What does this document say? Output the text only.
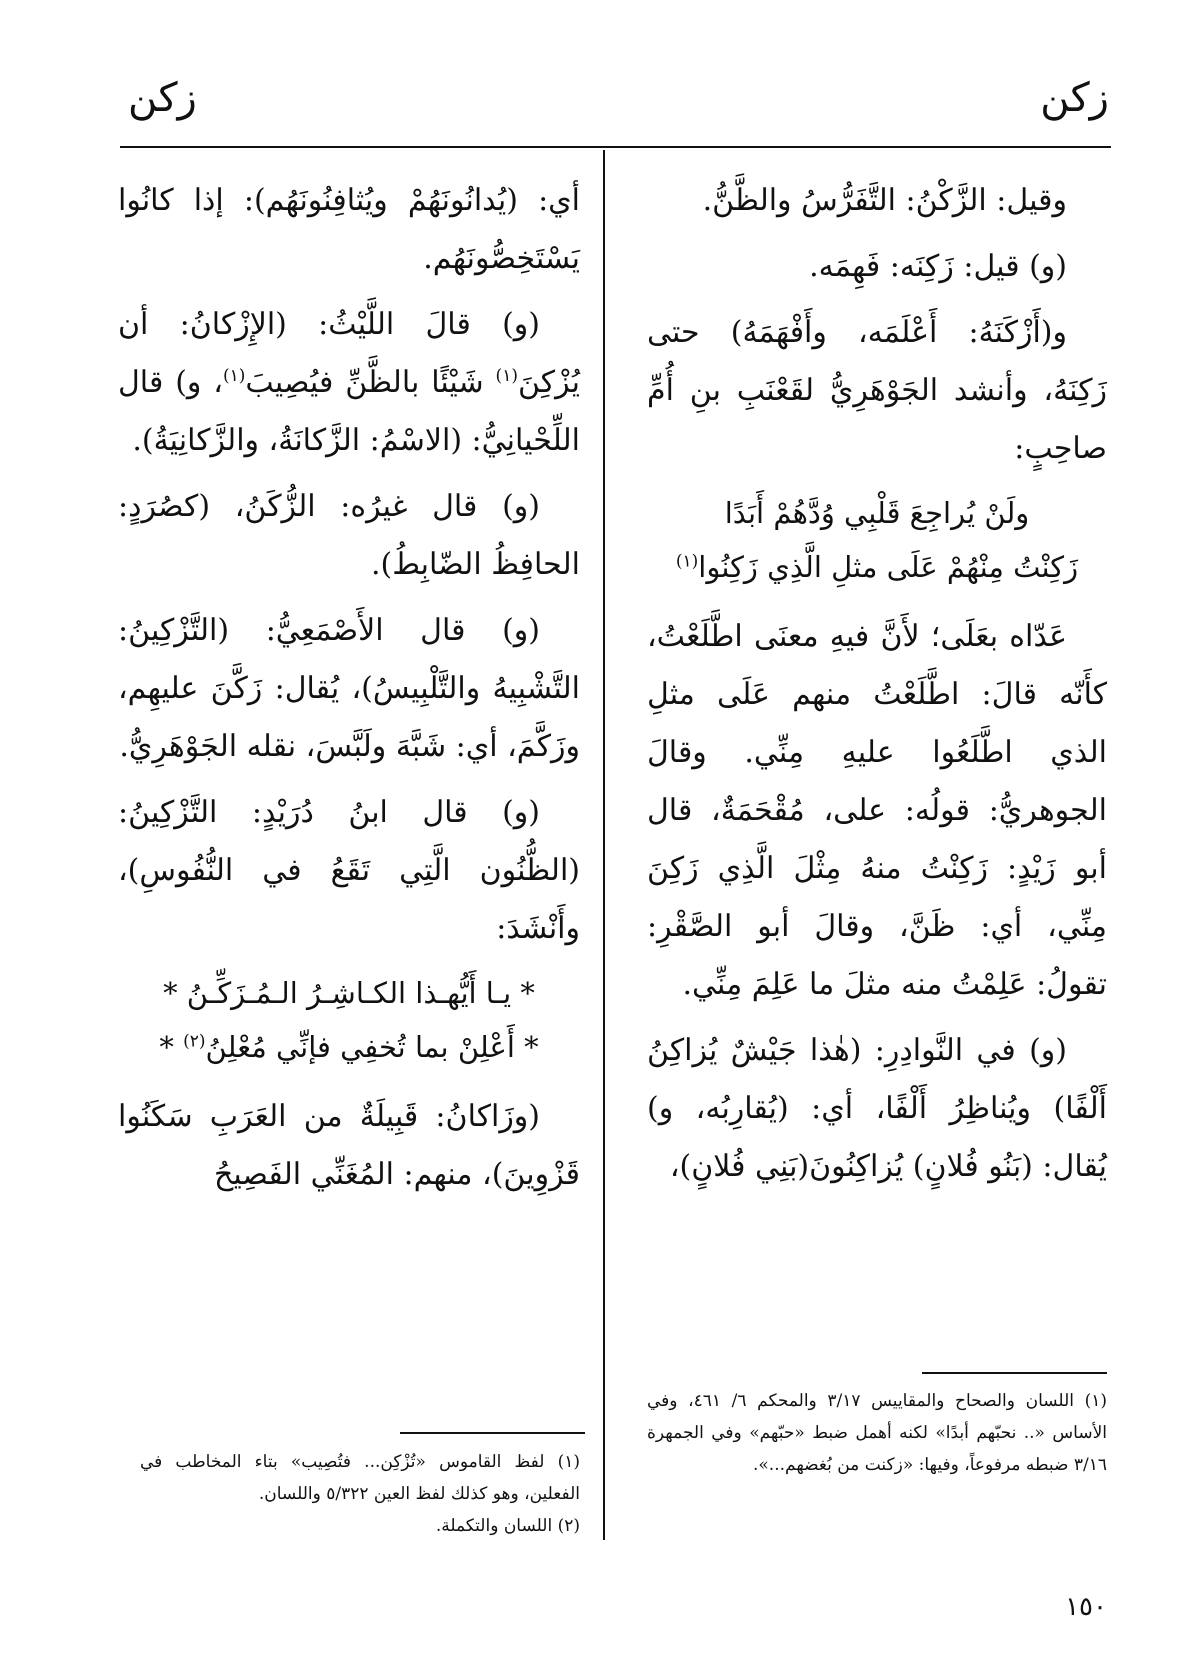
زكن
زكن

وقيل: الزَّكْنُ: التَّفَرُّسُ والظَّنُّ.

(و) قيل: زَكِنَه: فَهِمَه.

و(أَزْكَنَهُ: أَعْلَمَه، وأَفْهَمَهُ) حتى زَكِنَهُ، وأنشد الجَوْهَرِيُّ لقَعْنَبِ بنِ أُمِّ صاحِبٍ:

ولَنْ يُراجِعَ قَلْبِي وُدَّهُمْ أَبَدًا

زَكِنْتُ مِنْهُمْ عَلَى مثلِ الَّذِي زَكِنُوا$^{(١)}$

عَدّاه بعَلَى؛ لأَنَّ فيهِ معنَى اطَّلَعْتُ، كأَنّه قالَ: اطَّلَعْتُ منهم عَلَى مثلِ الذي اطَّلَعُوا عليهِ مِنِّي. وقالَ الجوهريُّ: قولُه: على، مُقْحَمَةٌ، قال أبو زَيْدٍ: زَكِنْتُ منهُ مِثْلَ الَّذِي زَكِنَ مِنِّي، أي: ظَنَّ، وقالَ أبو الصَّقْرِ: تقولُ: عَلِمْتُ منه مثلَ ما عَلِمَ مِنِّي.

(و) في النَّوادِرِ: (هٰذا جَيْشٌ يُزاكِنُ أَلْفًا) ويُناظِرُ أَلْفًا، أي: (يُقارِبُه، و) يُقال: (بَنُو فُلانٍ) يُزاكِنُونَ(بَنِي فُلانٍ)،

أي: (يُدانُونَهُمْ ويُثافِنُونَهُم): إذا كانُوا يَسْتَخِصُّونَهُم.

(و) قالَ اللَّيْثُ: (الإِزْكانُ: أن يُزْكِنَ$^{(١)}$ شَيْئًا بالظَّنِّ فيُصِيبَ$^{(١)}$، و) قال اللِّحْيانِيُّ: (الاسْمُ: الزَّكانَةُ، والزَّكانِيَةُ).

(و) قال غيرُه: الزُّكَنُ، (كصُرَدٍ: الحافِظُ الضّابِطُ).

(و) قال الأَصْمَعِيُّ: (التَّزْكِينُ: التَّشْبِيهُ والتَّلْبِيسُ)، يُقال: زَكَّنَ عليهِم، وزَكَّمَ، أي: شَبَّهَ ولَبَّسَ، نقله الجَوْهَرِيُّ.

(و) قال ابنُ دُرَيْدٍ: التَّزْكِينُ: (الظُّنُون الَّتِي تَقَعُ في النُّفُوسِ)، وأَنْشَدَ:

* يـا أَيُّهـذا الكـاشِـرُ الـمُـزَكِّـنُ *

* أَعْلِنْ بما تُخفِي فإنِّي مُعْلِنُ$^{(٢)}$ *

(وزَاكانُ: قَبِيلَةٌ من العَرَبِ سَكَنُوا قَزْوِينَ)، منهم: المُغَنِّي الفَصِيحُ

(١) اللسان والصحاح والمقاييس ٣/١٧ والمحكم ٦/ ٤٦١، وفي الأساس «.. نحبّهم أبدًا» لكنه أهمل ضبط «حبّهم» وفي الجمهرة ٣/١٦ ضبطه مرفوعاً، وفيها: «زكنت من بُغضهم...».

(١) لفظ القاموس «تُزْكِن... فتُصِيب» بتاء المخاطب في الفعلين، وهو كذلك لفظ العين ٥/٣٢٢ واللسان.

(٢) اللسان والتكملة.

١٥٠
